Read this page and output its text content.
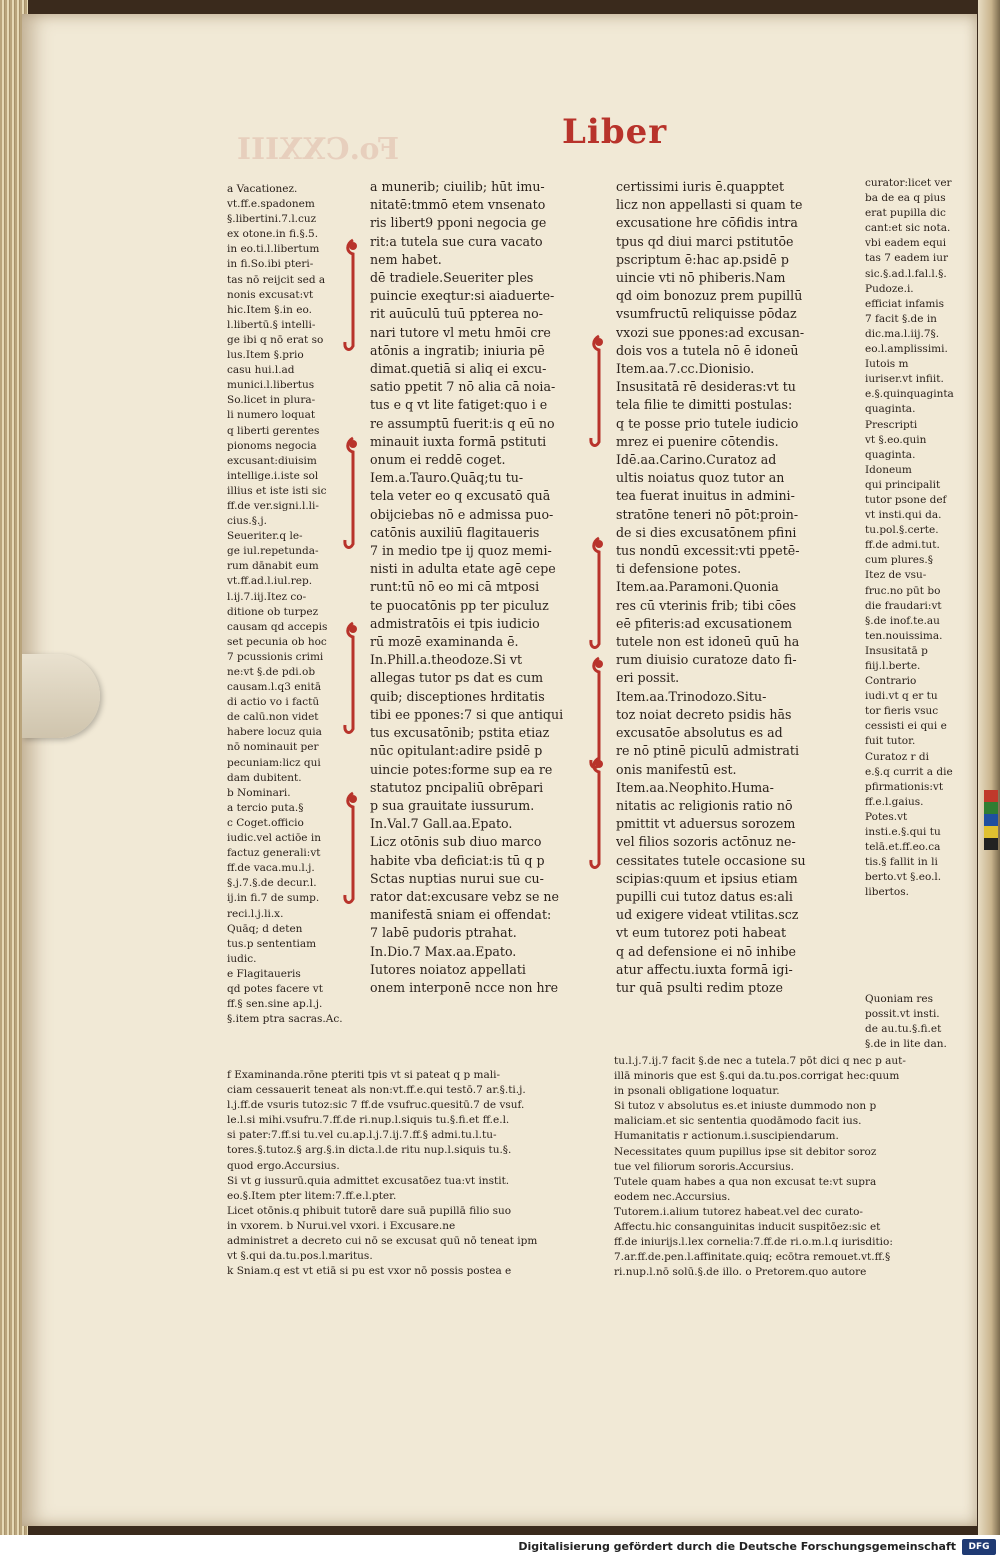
Fo.CXXIII	Liber
a Vacationez.
vt.ff.e.spadonem
§.libertini.7.l.cuz
ex otone.in fi.§.5.
in eo.ti.l.libertum
in fi.So.ibi pteri-
tas nō reijcit sed a
nonis excusat:vt
hic.Item §.in eo.
l.libertū.§ intelli-
ge ibi q nō erat so
lus.Item §.prio
casu hui.l.ad
munici.l.libertus
So.licet in plura-
li numero loquat
q liberti gerentes
pionoms negocia
excusant:diuisim
intellige.i.iste sol
illius et iste isti sic
ff.de ver.signi.l.li-
cius.§.j.
Seueriter.q le-
ge iul.repetunda-
rum dānabit eum
vt.ff.ad.l.iul.rep.
l.ij.7.iij.Itez co-
ditione ob turpez
causam qd accepis
set pecunia ob hoc
7 pcussionis crimi
ne:vt §.de pdi.ob
causam.l.q3 enitā
di actio vo i factū
de calū.non videt
habere locuz quia
nō nominauit per
pecuniam:licz qui
dam dubitent.
b Nominari.
a tercio puta.§
c Coget.officio
iudic.vel actiōe in
factuz generali:vt
ff.de vaca.mu.l.j.
§.j.7.§.de decur.l.
ij.in fi.7 de sump.
reci.l.j.li.x.
Quāq; d deten
tus.p sententiam
iudic.
e Flagitaueris
qd potes facere vt
ff.§ sen.sine ap.l.j.
§.item ptra sacras.Ac.
a munerib; ciuilib; hūt imu-
nitatē:tmmō etem vnsenato
ris libert9 pponi negocia ge
rit:a tutela sue cura vacato
nem habet.
dē tradiele.Seueriter ples
puincie exeqtur:si aiaduerte-
rit auūculū tuū ppterea no-
nari tutore vl metu hmōi cre
atōnis a ingratib; iniuria pē
dimat.quetiā si aliq ei excu-
satio ppetit 7 nō alia cā noia-
tus e q vt lite fatiget:quo i e
re assumptū fuerit:is q eū no
minauit iuxta formā pstituti
onum ei reddē coget.
Iem.a.Tauro.Quāq;tu tu-
tela veter eo q excusatō quā
obijciebas nō e admissa puo-
catōnis auxiliū flagitaueris
7 in medio tpe ij quoz memi-
nisti in adulta etate agē cepe
runt:tū nō eo mi cā mtposi
te puocatōnis pp ter piculuz
admistratōis ei tpis iudicio
rū mozē examinanda ē.
In.Phill.a.theodoze.Si vt
allegas tutor ps dat es cum
quib; disceptiones hrditatis
tibi ee ppones:7 si que antiqui
tus excusatōnib; pstita etiaz
nūc opitulant:adire psidē p
uincie potes:forme sup ea re
statutoz pncipaliū obrēpari
p sua grauitate iussurum.
In.Val.7 Gall.aa.Epato.
Licz otōnis sub diuo marco
habite vba deficiat:is tū q p
Sctas nuptias nurui sue cu-
rator dat:excusare vebz se ne
manifestā sniam ei offendat:
7 labē pudoris ptrahat.
In.Dio.7 Max.aa.Epato.
Iutores noiatoz appellati
onem interponē ncce non hre
certissimi iuris ē.quapptet
licz non appellasti si quam te
excusatione hre cōfidis intra
tpus qd diui marci pstitutōe
pscriptum ē:hac ap.psidē p
uincie vti nō phiberis.Nam
qd oim bonozuz prem pupillū
vsumfructū reliquisse pōdaz
vxozi sue ppones:ad excusan-
dois vos a tutela nō ē idoneū
Item.aa.7.cc.Dionisio.
Insusitatā rē desideras:vt tu
tela filie te dimitti postulas:
q te posse prio tutele iudicio
mrez ei puenire cōtendis.
Idē.aa.Carino.Curatoz ad
ultis noiatus quoz tutor an
tea fuerat inuitus in admini-
stratōne teneri nō pōt:proin-
de si dies excusatōnem pfini
tus nondū excessit:vti ppetē-
ti defensione potes.
Item.aa.Paramoni.Quonia
res cū vterinis frib; tibi cōes
eē pfiteris:ad excusationem
tutele non est idoneū quū ha
rum diuisio curatoze dato fi-
eri possit.
Item.aa.Trinodozo.Situ-
toz noiat decreto psidis hās
excusatōe absolutus es ad
re nō ptinē piculū admistrati
onis manifestū est.
Item.aa.Neophito.Huma-
nitatis ac religionis ratio nō
pmittit vt aduersus sorozem
vel filios sozoris actōnuz ne-
cessitates tutele occasione su
scipias:quum et ipsius etiam
pupilli cui tutoz datus es:ali
ud exigere videat vtilitas.scz
vt eum tutorez poti habeat
q ad defensione ei nō inhibe
atur affectu.iuxta formā igi-
tur quā psulti redim ptoze
curator:licet ver
ba de ea q pius
erat pupilla dic
cant:et sic nota.
vbi eadem equi
tas 7 eadem iur
sic.§.ad.l.fal.l.§.
Pudoze.i.
efficiat infamis
7 facit §.de in
dic.ma.l.iij.7§.
eo.l.amplissimi.
Iutois m
iuriser.vt infiit.
e.§.quinquaginta
quaginta.
Prescripti
vt §.eo.quin
quaginta.
Idoneum
qui principalit
tutor psone def
vt insti.qui da.
tu.pol.§.certe.
ff.de admi.tut.
cum plures.§
Itez de vsu-
fruc.no pūt bo
die fraudari:vt
§.de inof.te.au
ten.nouissima.
Insusitatā p
fiij.l.berte.
Contrario
iudi.vt q er tu
tor fieris vsuc
cessisti ei qui e
fuit tutor.
Curatoz r di
e.§.q currit a die
pfirmationis:vt
ff.e.l.gaius.
Potes.vt
insti.e.§.qui tu
telā.et.ff.eo.ca
tis.§ fallit in li
berto.vt §.eo.l.
libertos.
Quoniam res
possit.vt insti.
de au.tu.§.fi.et
§.de in lite dan.
f Examinanda.rōne pteriti tpis vt si pateat q p mali-
ciam cessauerit teneat als non:vt.ff.e.qui testō.7 ar.§.ti.j.
l.j.ff.de vsuris tutoz:sic 7 ff.de vsufruc.quesitū.7 de vsuf.
le.l.si mihi.vsufru.7.ff.de ri.nup.l.siquis tu.§.fi.et ff.e.l.
si pater:7.ff.si tu.vel cu.ap.l.j.7.ij.7.ff.§ admi.tu.l.tu-
tores.§.tutoz.§ arg.§.in dicta.l.de ritu nup.l.siquis tu.§.
quod ergo.Accursius.
Si vt g iussurū.quia admittet excusatōez tua:vt instit.
eo.§.Item pter litem:7.ff.e.l.pter.
Licet otōnis.q phibuit tutorē dare suā pupillā filio suo
in vxorem. b Nurui.vel vxori. i Excusare.ne
administret a decreto cui nō se excusat quū nō teneat ipm
vt §.qui da.tu.pos.l.maritus.
k Sniam.q est vt etiā si pu est vxor nō possis postea e
tu.l.j.7.ij.7 facit §.de nec a tutela.7 pōt dici q nec p aut-
illā minoris que est §.qui da.tu.pos.corrigat hec:quum
in psonali obligatione loquatur.
Si tutoz v absolutus es.et iniuste dummodo non p
maliciam.et sic sententia quodāmodo facit ius.
Humanitatis r actionum.i.suscipiendarum.
Necessitates quum pupillus ipse sit debitor soroz
tue vel filiorum sororis.Accursius.
Tutele quam habes a qua non excusat te:vt supra
eodem nec.Accursius.
Tutorem.i.alium tutorez habeat.vel dec curato-
Affectu.hic consanguinitas inducit suspitōez:sic et
ff.de iniurijs.l.lex cornelia:7.ff.de ri.o.m.l.q iurisditio:
7.ar.ff.de.pen.l.affinitate.quiq; ecōtra remouet.vt.ff.§
ri.nup.l.nō solū.§.de illo. o Pretorem.quo autore
Digitalisierung gefördert durch die Deutsche Forschungsgemeinschaft	DFG
